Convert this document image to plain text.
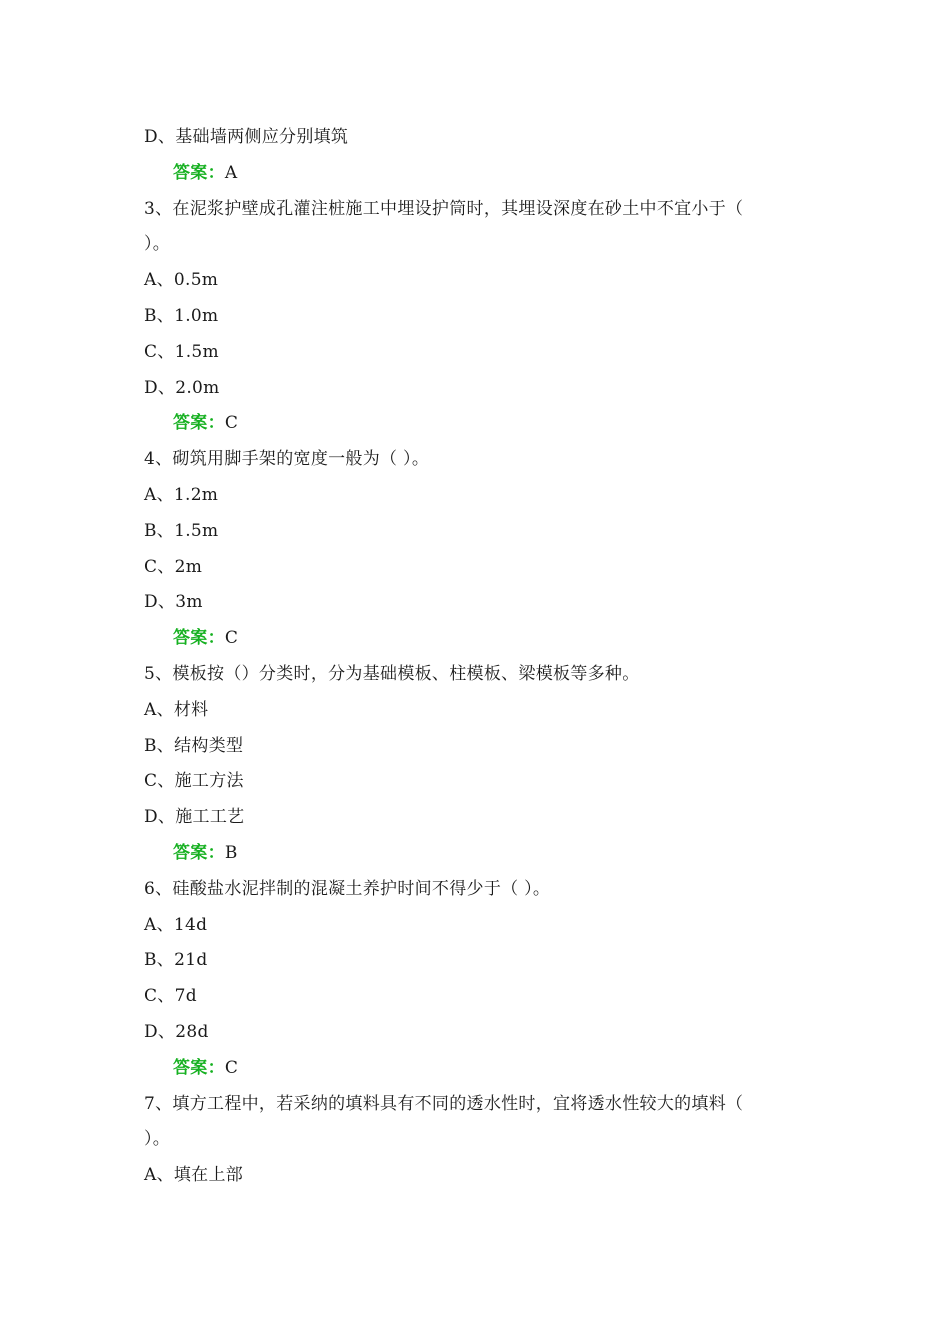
D、基础墙两侧应分别填筑
答案：A
3、在泥浆护壁成孔灌注桩施工中埋设护筒时，其埋设深度在砂土中不宜小于（
）。
A、0.5m
B、1.0m
C、1.5m
D、2.0m
答案：C
4、砌筑用脚手架的宽度一般为（ ）。
A、1.2m
B、1.5m
C、2m
D、3m
答案：C
5、模板按（）分类时，分为基础模板、柱模板、梁模板等多种。
A、材料
B、结构类型
C、施工方法
D、施工工艺
答案：B
6、硅酸盐水泥拌制的混凝土养护时间不得少于（ ）。
A、14d
B、21d
C、7d
D、28d
答案：C
7、填方工程中，若采纳的填料具有不同的透水性时，宜将透水性较大的填料（
）。
A、填在上部
